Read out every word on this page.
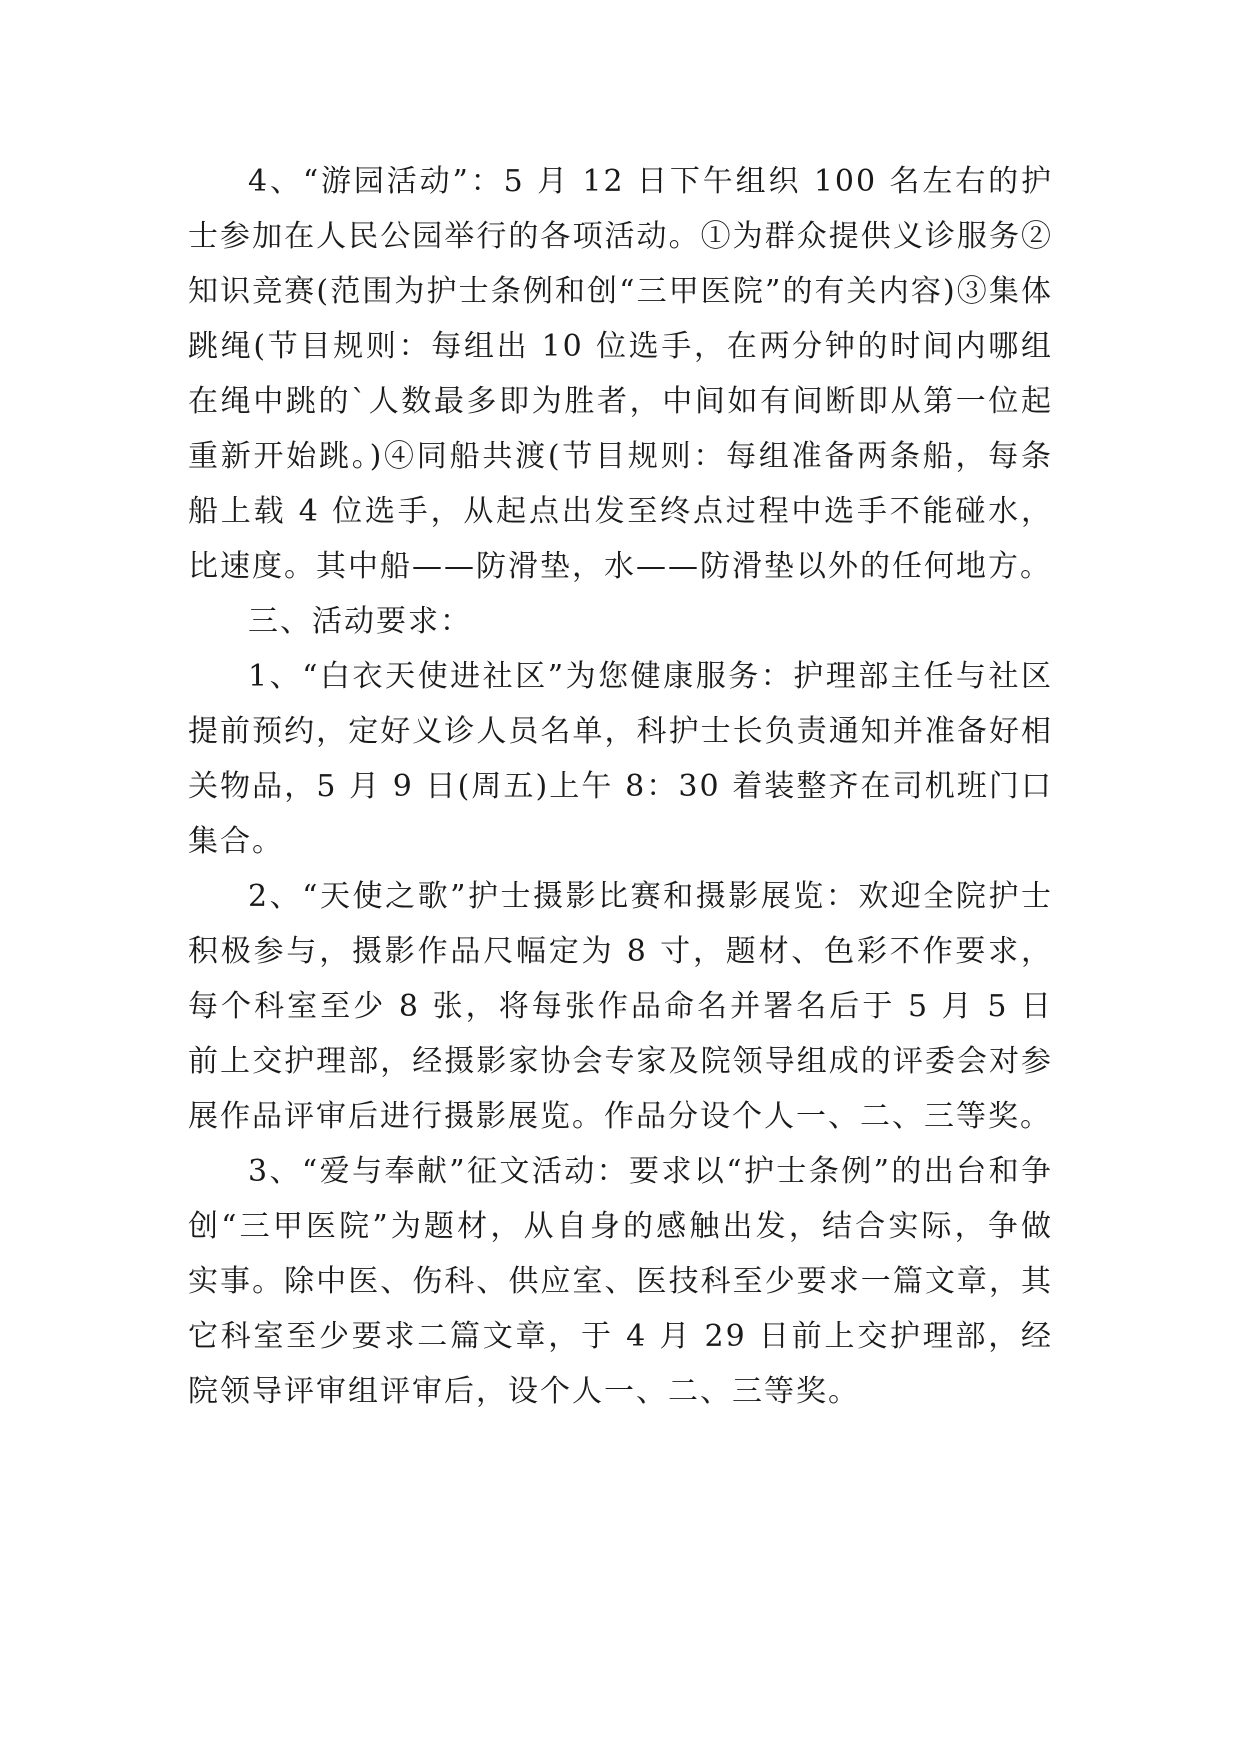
4、“游园活动”：5 月 12 日下午组织 100 名左右的护士参加在人民公园举行的各项活动。①为群众提供义诊服务②知识竞赛(范围为护士条例和创“三甲医院”的有关内容)③集体跳绳(节目规则：每组出 10 位选手，在两分钟的时间内哪组在绳中跳的`人数最多即为胜者，中间如有间断即从第一位起重新开始跳。)④同船共渡(节目规则：每组准备两条船，每条船上载 4 位选手，从起点出发至终点过程中选手不能碰水，比速度。其中船——防滑垫，水——防滑垫以外的任何地方。

三、活动要求：

1、“白衣天使进社区”为您健康服务：护理部主任与社区提前预约，定好义诊人员名单，科护士长负责通知并准备好相关物品，5 月 9 日(周五)上午 8：30 着装整齐在司机班门口集合。

2、“天使之歌”护士摄影比赛和摄影展览：欢迎全院护士积极参与，摄影作品尺幅定为 8 寸，题材、色彩不作要求，每个科室至少 8 张，将每张作品命名并署名后于 5 月 5 日前上交护理部，经摄影家协会专家及院领导组成的评委会对参展作品评审后进行摄影展览。作品分设个人一、二、三等奖。

3、“爱与奉献”征文活动：要求以“护士条例”的出台和争创“三甲医院”为题材，从自身的感触出发，结合实际，争做实事。除中医、伤科、供应室、医技科至少要求一篇文章，其它科室至少要求二篇文章，于 4 月 29 日前上交护理部，经院领导评审组评审后，设个人一、二、三等奖。
